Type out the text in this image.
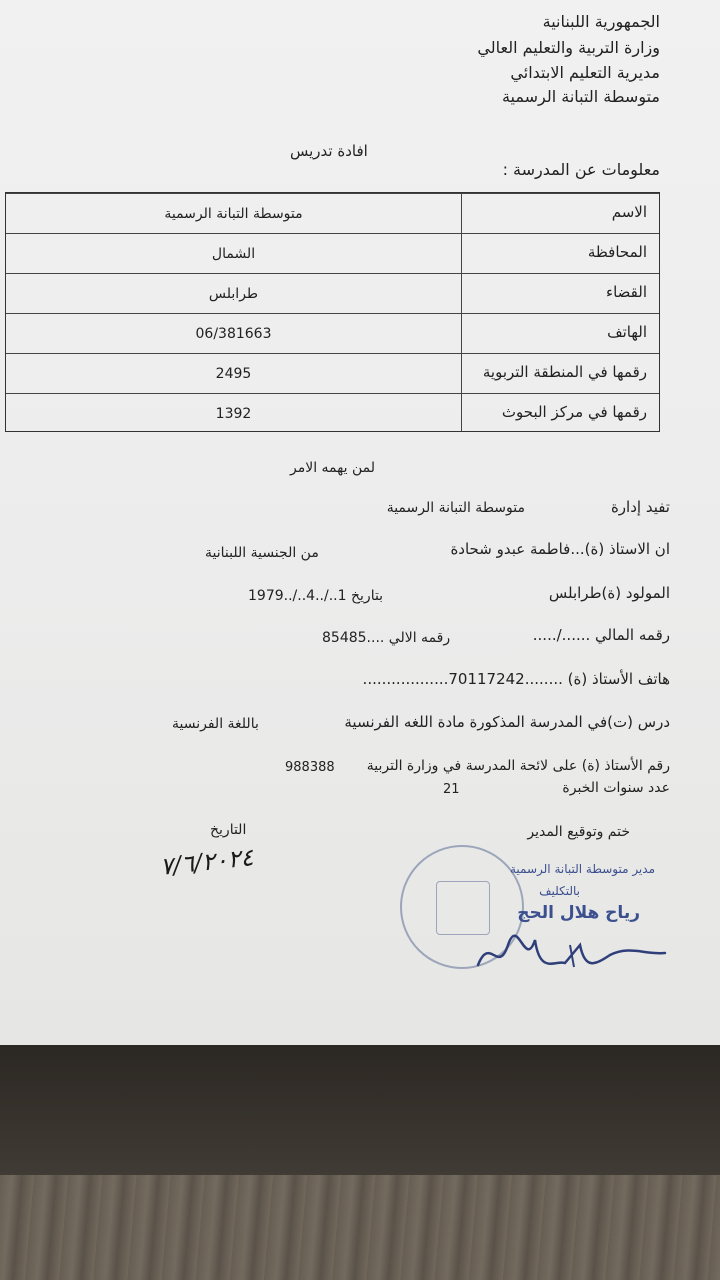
الجمهورية اللبنانية
وزارة التربية والتعليم العالي
مديرية التعليم الابتدائي
متوسطة التبانة الرسمية
افادة تدريس
معلومات عن المدرسة :
الاسم
متوسطة التبانة الرسمية
المحافظة
الشمال
القضاء
طرابلس
الهاتف
06/381663
رقمها في المنطقة التربوية
2495
رقمها في مركز البحوث
1392
لمن يهمه الامر
تفيد إدارة
متوسطة التبانة الرسمية
ان الاستاذ (ة)...فاطمة عبدو شحادة
من الجنسية اللبنانية
المولود (ة)طرابلس
بتاريخ 1../..4../..1979
رقمه المالي ....../.....
رقمه الالي ....85485
هاتف الأستاذ (ة) ........70117242..................
درس (ت)في المدرسة المذكورة مادة اللغه الفرنسية
باللغة الفرنسية
رقم الأستاذ (ة) على لائحة المدرسة في وزارة التربية
988388
عدد سنوات الخبرة
21
ختم وتوقيع المدير
التاريخ
٧/٦/٢٠٢٤	مدير متوسطة التبانة الرسمية
بالتكليف
رياح هلال الحج
